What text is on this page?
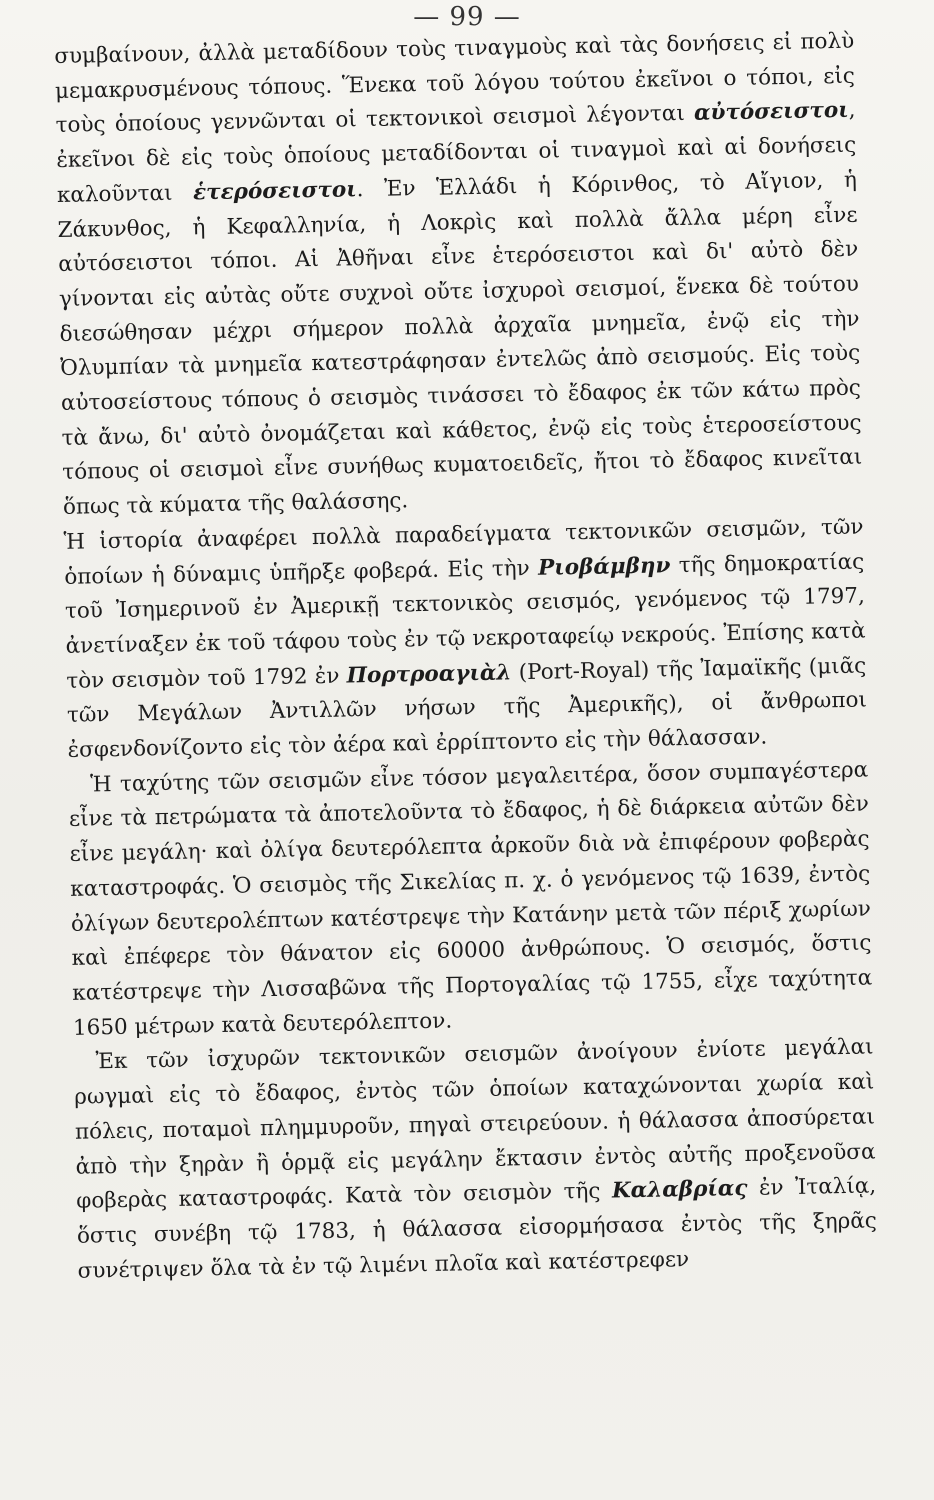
— 99 —

συμβαίνουν, ἀλλὰ μεταδίδουν τοὺς τιναγμοὺς καὶ τὰς δονήσεις εἰ πολὺ μεμακρυσμένους τόπους. Ἕνεκα τοῦ λόγου τούτου ἐκεῖνοι ο τόποι, εἰς τοὺς ὁποίους γεννῶνται οἱ τεκτονικοὶ σεισμοὶ λέγονται αὐτόσειστοι, ἐκεῖνοι δὲ εἰς τοὺς ὁποίους μεταδίδονται οἱ τιναγμοὶ καὶ αἱ δονήσεις καλοῦνται ἑτερόσειστοι. Ἐν Ἑλλάδι ἡ Κόρινθος, τὸ Αἴγιον, ἡ Ζάκυνθος, ἡ Κεφαλληνία, ἡ Λοκρὶς καὶ πολλὰ ἄλλα μέρη εἶνε αὐτόσειστοι τόποι. Αἱ Ἀθῆναι εἶνε ἑτερόσειστοι καὶ δι' αὐτὸ δὲν γίνονται εἰς αὐτὰς οὔτε συχνοὶ οὔτε ἰσχυροὶ σεισμοί, ἕνεκα δὲ τούτου διεσώθησαν μέχρι σήμερον πολλὰ ἀρχαῖα μνημεῖα, ἐνῷ εἰς τὴν Ὀλυμπίαν τὰ μνημεῖα κατεστράφησαν ἐντελῶς ἀπὸ σεισμούς. Εἰς τοὺς αὐτοσείστους τόπους ὁ σεισμὸς τινάσσει τὸ ἔδαφος ἐκ τῶν κάτω πρὸς τὰ ἄνω, δι' αὐτὸ ὀνομάζεται καὶ κάθετος, ἐνῷ εἰς τοὺς ἑτεροσείστους τόπους οἱ σεισμοὶ εἶνε συνήθως κυματοειδεῖς, ἤτοι τὸ ἔδαφος κινεῖται ὅπως τὰ κύματα τῆς θαλάσσης.

Ἡ ἱστορία ἀναφέρει πολλὰ παραδείγματα τεκτονικῶν σεισμῶν, τῶν ὁποίων ἡ δύναμις ὑπῆρξε φοβερά. Εἰς τὴν Ριοβάμβην τῆς δημοκρατίας τοῦ Ἰσημερινοῦ ἐν Ἀμερικῇ τεκτονικὸς σεισμός, γενόμενος τῷ 1797, ἀνετίναξεν ἐκ τοῦ τάφου τοὺς ἐν τῷ νεκροταφείῳ νεκρούς. Ἐπίσης κατὰ τὸν σεισμὸν τοῦ 1792 ἐν Πορτροαγιὰλ (Port-Royal) τῆς Ἰαμαϊκῆς (μιᾶς τῶν Μεγάλων Ἀντιλλῶν νήσων τῆς Ἀμερικῆς), οἱ ἄνθρωποι ἐσφενδονίζοντο εἰς τὸν ἀέρα καὶ ἐρρίπτοντο εἰς τὴν θάλασσαν.

Ἡ ταχύτης τῶν σεισμῶν εἶνε τόσον μεγαλειτέρα, ὅσον συμπαγέστερα εἶνε τὰ πετρώματα τὰ ἀποτελοῦντα τὸ ἔδαφος, ἡ δὲ διάρκεια αὐτῶν δὲν εἶνε μεγάλη· καὶ ὀλίγα δευτερόλεπτα ἀρκοῦν διὰ νὰ ἐπιφέρουν φοβερὰς καταστροφάς. Ὁ σεισμὸς τῆς Σικελίας π. χ. ὁ γενόμενος τῷ 1639, ἐντὸς ὀλίγων δευτερολέπτων κατέστρεψε τὴν Κατάνην μετὰ τῶν πέριξ χωρίων καὶ ἐπέφερε τὸν θάνατον εἰς 60000 ἀνθρώπους. Ὁ σεισμός, ὅστις κατέστρεψε τὴν Λισσαβῶνα τῆς Πορτογαλίας τῷ 1755, εἶχε ταχύτητα 1650 μέτρων κατὰ δευτερόλεπτον.

Ἐκ τῶν ἰσχυρῶν τεκτονικῶν σεισμῶν ἀνοίγουν ἐνίοτε μεγάλαι ρωγμαὶ εἰς τὸ ἔδαφος, ἐντὸς τῶν ὁποίων καταχώνονται χωρία καὶ πόλεις, ποταμοὶ πλημμυροῦν, πηγαὶ στειρεύουν. ἡ θάλασσα ἀποσύρεται ἀπὸ τὴν ξηρὰν ἢ ὁρμᾷ εἰς μεγάλην ἔκτασιν ἐντὸς αὐτῆς προξενοῦσα φοβερὰς καταστροφάς. Κατὰ τὸν σεισμὸν τῆς Καλαβρίας ἐν Ἰταλίᾳ, ὅστις συνέβη τῷ 1783, ἡ θάλασσα εἰσορμήσασα ἐντὸς τῆς ξηρᾶς συνέτριψεν ὅλα τὰ ἐν τῷ λιμένι πλοῖα καὶ κατέστρεφεν
